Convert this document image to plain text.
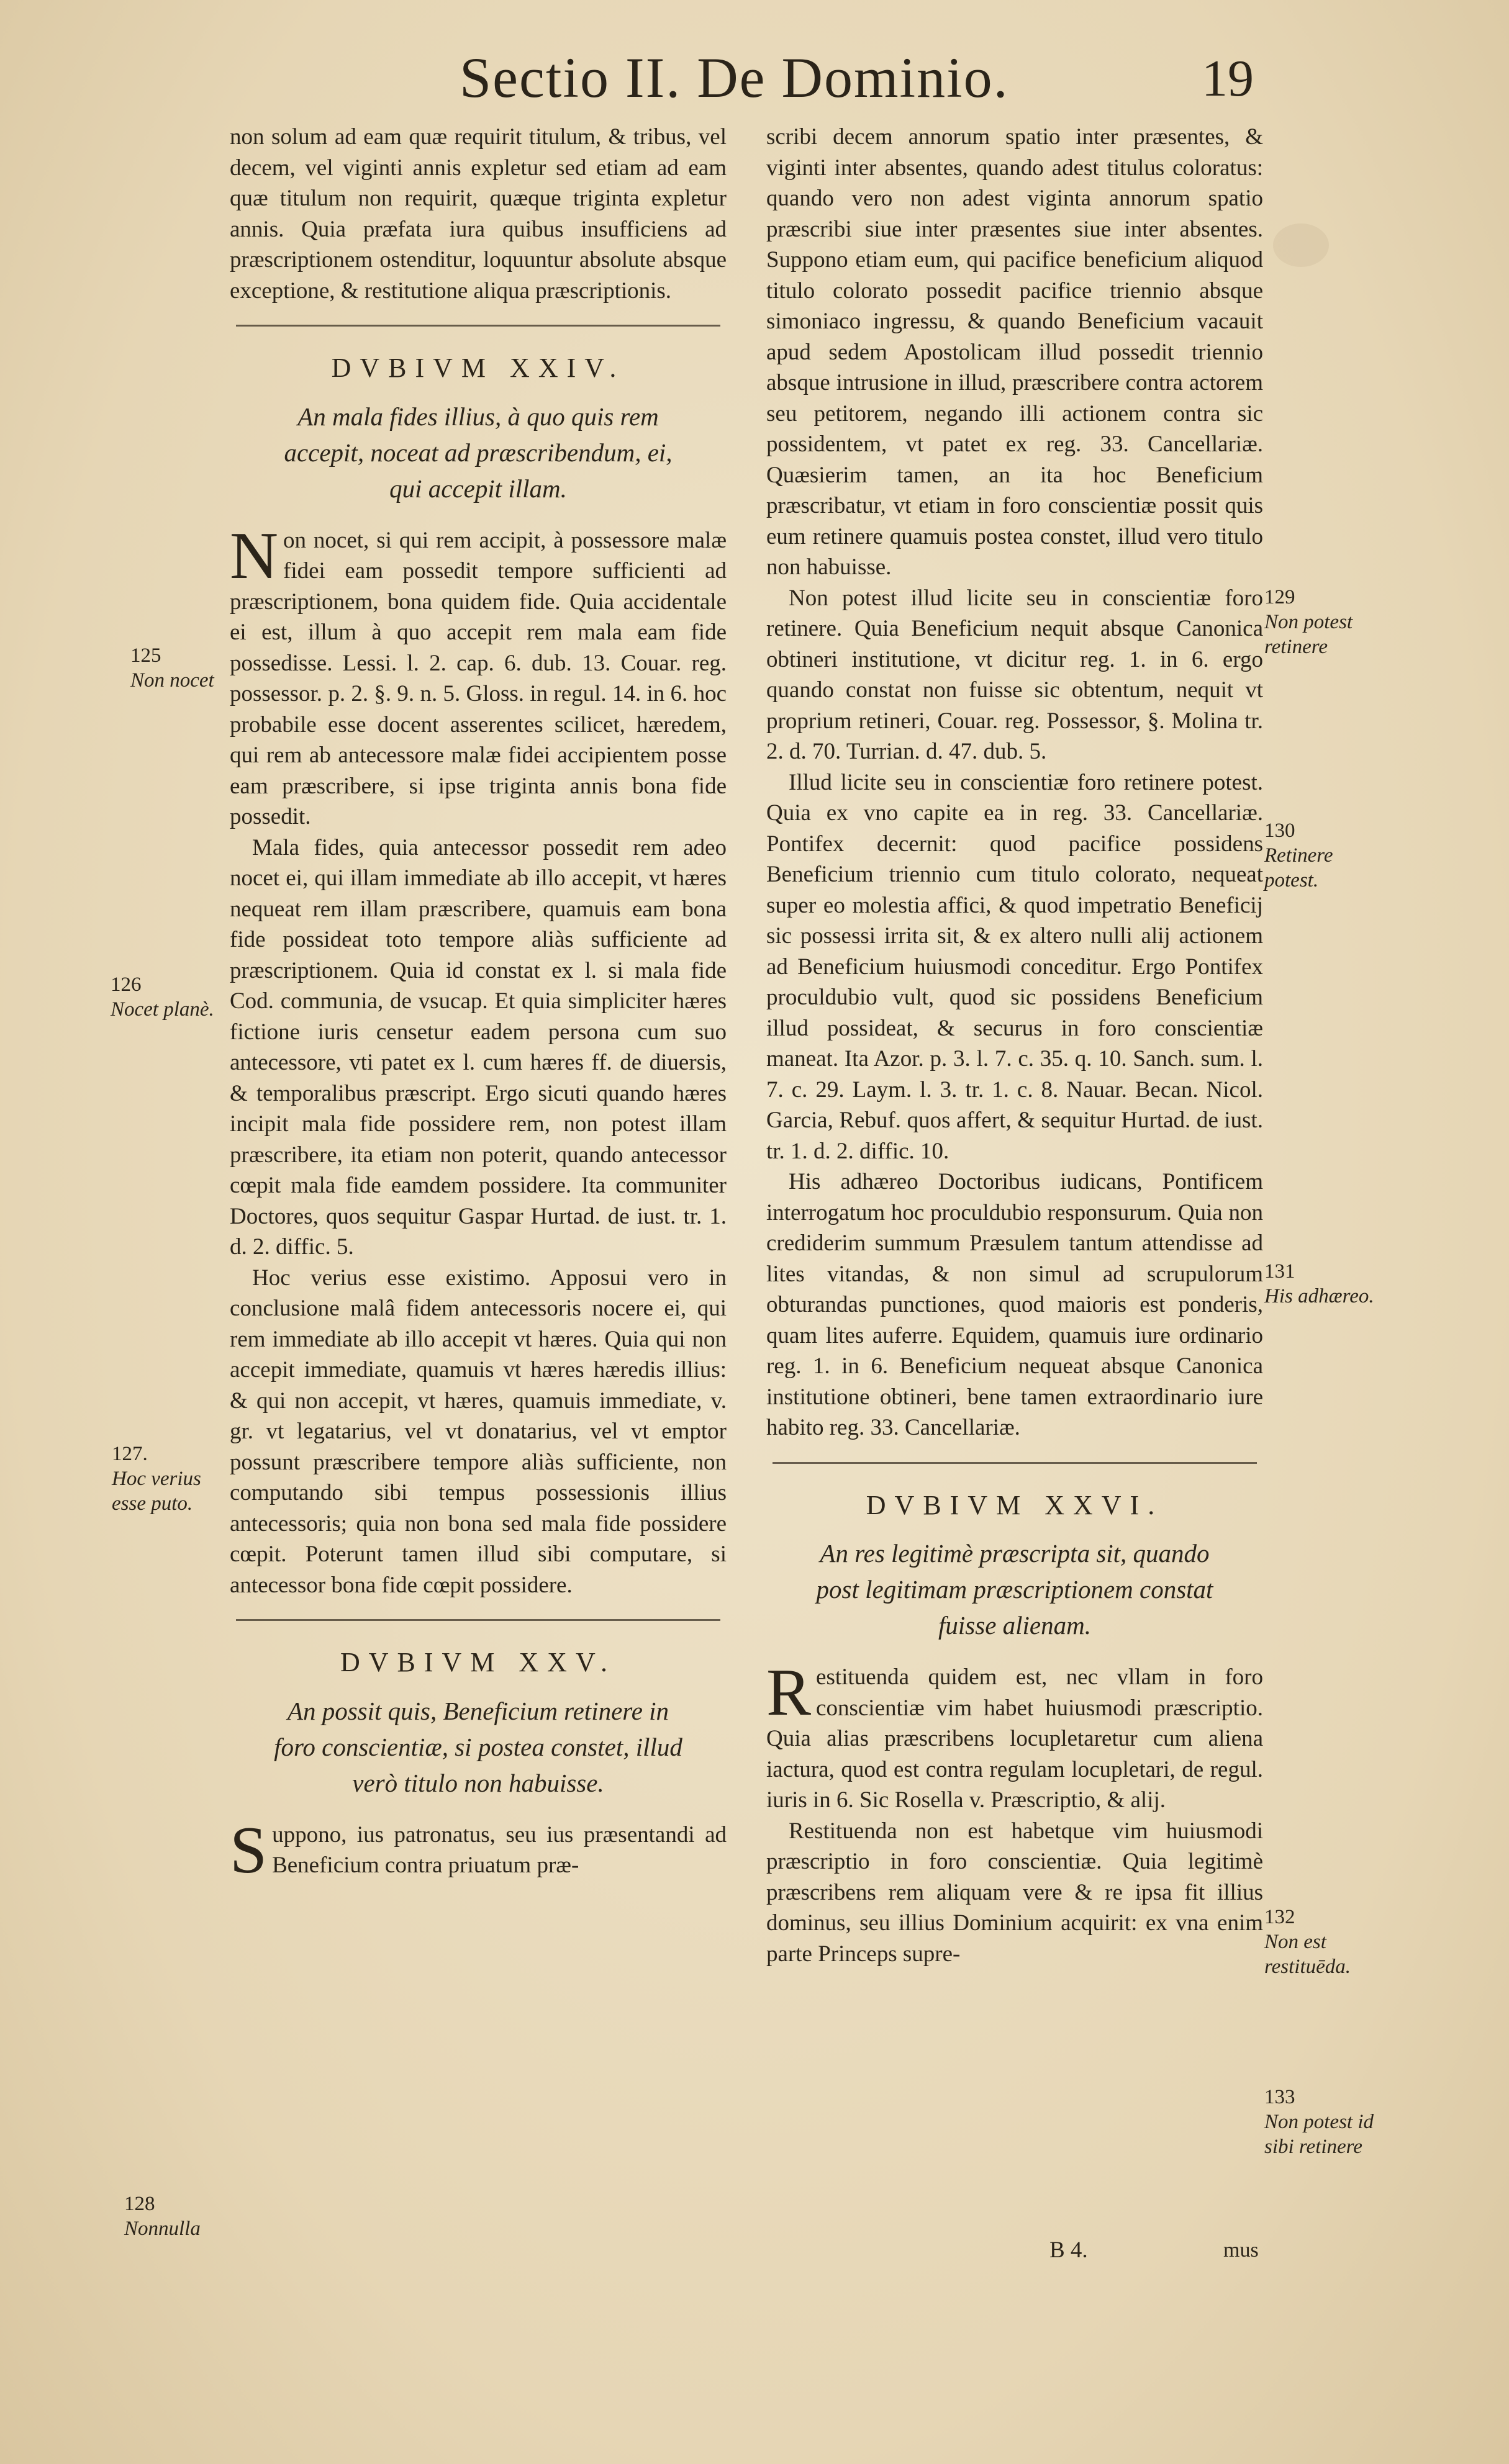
Sectio II. De Dominio.	19

non solum ad eam quæ requirit titulum, & tribus, vel decem, vel viginti annis expletur sed etiam ad eam quæ titulum non requirit, quæque triginta expletur annis. Quia præfata iura quibus insufficiens ad præscriptionem ostenditur, loquuntur absolute absque exceptione, & restitutione aliqua præscriptionis.

DVBIVM XXIV.
An mala fides illius, à quo quis rem accepit, noceat ad præscribendum, ei, qui accepit illam.

Non nocet, si qui rem accipit, à possessore malæ fidei eam possedit tempore sufficienti ad præscriptionem, bona quidem fide. Quia accidentale ei est, illum à quo accepit rem mala eam fide possedisse. Lessi. l. 2. cap. 6. dub. 13. Couar. reg. possessor. p. 2. §. 9. n. 5. Gloss. in regul. 14. in 6. hoc probabile esse docent asserentes scilicet, hæredem, qui rem ab antecessore malæ fidei accipientem posse eam præscribere, si ipse triginta annis bona fide possedit.

Mala fides, quia antecessor possedit rem adeo nocet ei, qui illam immediate ab illo accepit, vt hæres nequeat rem illam præscribere, quamuis eam bona fide possideat toto tempore aliàs sufficiente ad præscriptionem. Quia id constat ex l. si mala fide Cod. communia, de vsucap. Et quia simpliciter hæres fictione iuris censetur eadem persona cum suo antecessore, vti patet ex l. cum hæres ff. de diuersis, & temporalibus præscript. Ergo sicuti quando hæres incipit mala fide possidere rem, non potest illam præscribere, ita etiam non poterit, quando antecessor cœpit mala fide eamdem possidere. Ita communiter Doctores, quos sequitur Gaspar Hurtad. de iust. tr. 1. d. 2. diffic. 5.

Hoc verius esse existimo. Apposui vero in conclusione malâ fidem antecessoris nocere ei, qui rem immediate ab illo accepit vt hæres. Quia qui non accepit immediate, quamuis vt hæres hæredis illius: & qui non accepit, vt hæres, quamuis immediate, v. gr. vt legatarius, vel vt donatarius, vel vt emptor possunt præscribere tempore aliàs sufficiente, non computando sibi tempus possessionis illius antecessoris; quia non bona sed mala fide possidere cœpit. Poterunt tamen illud sibi computare, si antecessor bona fide cœpit possidere.

DVBIVM XXV.
An possit quis, Beneficium retinere in foro conscientiæ, si postea constet, illud verò titulo non habuisse.

Suppono, ius patronatus, seu ius præsentandi ad Beneficium contra priuatum præ-

scribi decem annorum spatio inter præsentes, & viginti inter absentes, quando adest titulus coloratus: quando vero non adest viginta annorum spatio præscribi siue inter præsentes siue inter absentes. Suppono etiam eum, qui pacifice beneficium aliquod titulo colorato possedit pacifice triennio absque simoniaco ingressu, & quando Beneficium vacauit apud sedem Apostolicam illud possedit triennio absque intrusione in illud, præscribere contra actorem seu petitorem, negando illi actionem contra sic possidentem, vt patet ex reg. 33. Cancellariæ. Quæsierim tamen, an ita hoc Beneficium præscribatur, vt etiam in foro conscientiæ possit quis eum retinere quamuis postea constet, illud vero titulo non habuisse.

Non potest illud licite seu in conscientiæ foro retinere. Quia Beneficium nequit absque Canonica obtineri institutione, vt dicitur reg. 1. in 6. ergo quando constat non fuisse sic obtentum, nequit vt proprium retineri, Couar. reg. Possessor, §. Molina tr. 2. d. 70. Turrian. d. 47. dub. 5.

Illud licite seu in conscientiæ foro retinere potest. Quia ex vno capite ea in reg. 33. Cancellariæ. Pontifex decernit: quod pacifice possidens Beneficium triennio cum titulo colorato, nequeat super eo molestia affici, & quod impetratio Beneficij sic possessi irrita sit, & ex altero nulli alij actionem ad Beneficium huiusmodi conceditur. Ergo Pontifex proculdubio vult, quod sic possidens Beneficium illud possideat, & securus in foro conscientiæ maneat. Ita Azor. p. 3. l. 7. c. 35. q. 10. Sanch. sum. l. 7. c. 29. Laym. l. 3. tr. 1. c. 8. Nauar. Becan. Nicol. Garcia, Rebuf. quos affert, & sequitur Hurtad. de iust. tr. 1. d. 2. diffic. 10.

His adhæreo Doctoribus iudicans, Pontificem interrogatum hoc proculdubio responsurum. Quia non crediderim summum Præsulem tantum attendisse ad lites vitandas, & non simul ad scrupulorum obturandas punctiones, quod maioris est ponderis, quam lites auferre. Equidem, quamuis iure ordinario reg. 1. in 6. Beneficium nequeat absque Canonica institutione obtineri, bene tamen extraordinario iure habito reg. 33. Cancellariæ.

DVBIVM XXVI.
An res legitimè præscripta sit, quando post legitimam præscriptionem constat fuisse alienam.

Restituenda quidem est, nec vllam in foro conscientiæ vim habet huiusmodi præscriptio. Quia alias præscribens locupletaretur cum aliena iactura, quod est contra regulam locupletari, de regul. iuris in 6. Sic Rosella v. Præscriptio, & alij.

Restituenda non est habetque vim huiusmodi præscriptio in foro conscientiæ. Quia legitimè præscribens rem aliquam vere & re ipsa fit illius dominus, seu illius Dominium acquirit: ex vna enim parte Princeps supre-

125
Non nocet
126
Nocet planè.
127.
Hoc verius esse puto.
128
Nonnulla
129
Non potest retinere
130
Retinere potest.
131
His adhæreo.
132
Non est restituēda.
133
Non potest id sibi retinere
B 4.	mus
